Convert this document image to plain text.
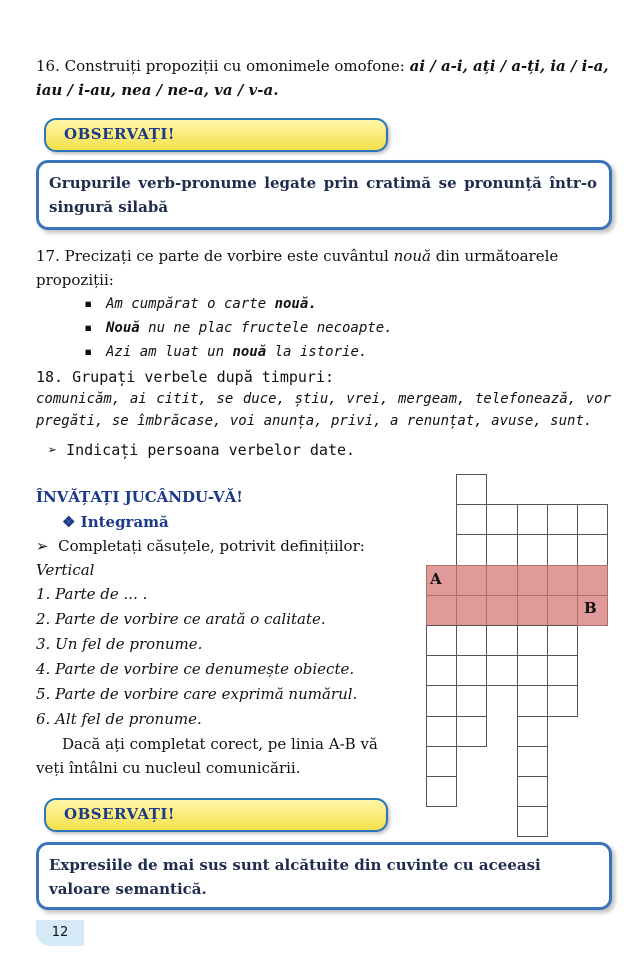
16. Construiți propoziții cu omonimele omofone: ai / a-i, ați / a-ți, ia / i-a, iau / i-au, nea / ne-a, va / v-a.
OBSERVAȚI!
Grupurile verb-pronume legate prin cratimă se pronunță într-o singură silabă
17. Precizați ce parte de vorbire este cuvântul nouă din următoarele propoziții:
▪ Am cumpărat o carte nouă.
▪ Nouă nu ne plac fructele necoapte.
▪ Azi am luat un nouă la istorie.
18. Grupați verbele după timpuri:
comunicăm, ai citit, se duce, știu, vrei, mergeam, telefonează, vor pregăti, se îmbrăcase, voi anunța, privi, a renunțat, avuse, sunt.
➢ Indicați persoana verbelor date.
A
B
ÎNVĂȚAȚI JUCÂNDU-VĂ!
❖ Integramă
➢  Completați căsuțele, potrivit definițiilor:
Vertical
1. Parte de ... .
2. Parte de vorbire ce arată o calitate.
3. Un fel de pronume.
4. Parte de vorbire ce denumește obiecte.
5. Parte de vorbire care exprimă numărul.
6. Alt fel de pronume.
Dacă ați completat corect, pe linia A-B vă veți întâlni cu nucleul comunicării.
OBSERVAȚI!
Expresiile de mai sus sunt alcătuite din cuvinte cu aceeasi valoare semantică.
12
